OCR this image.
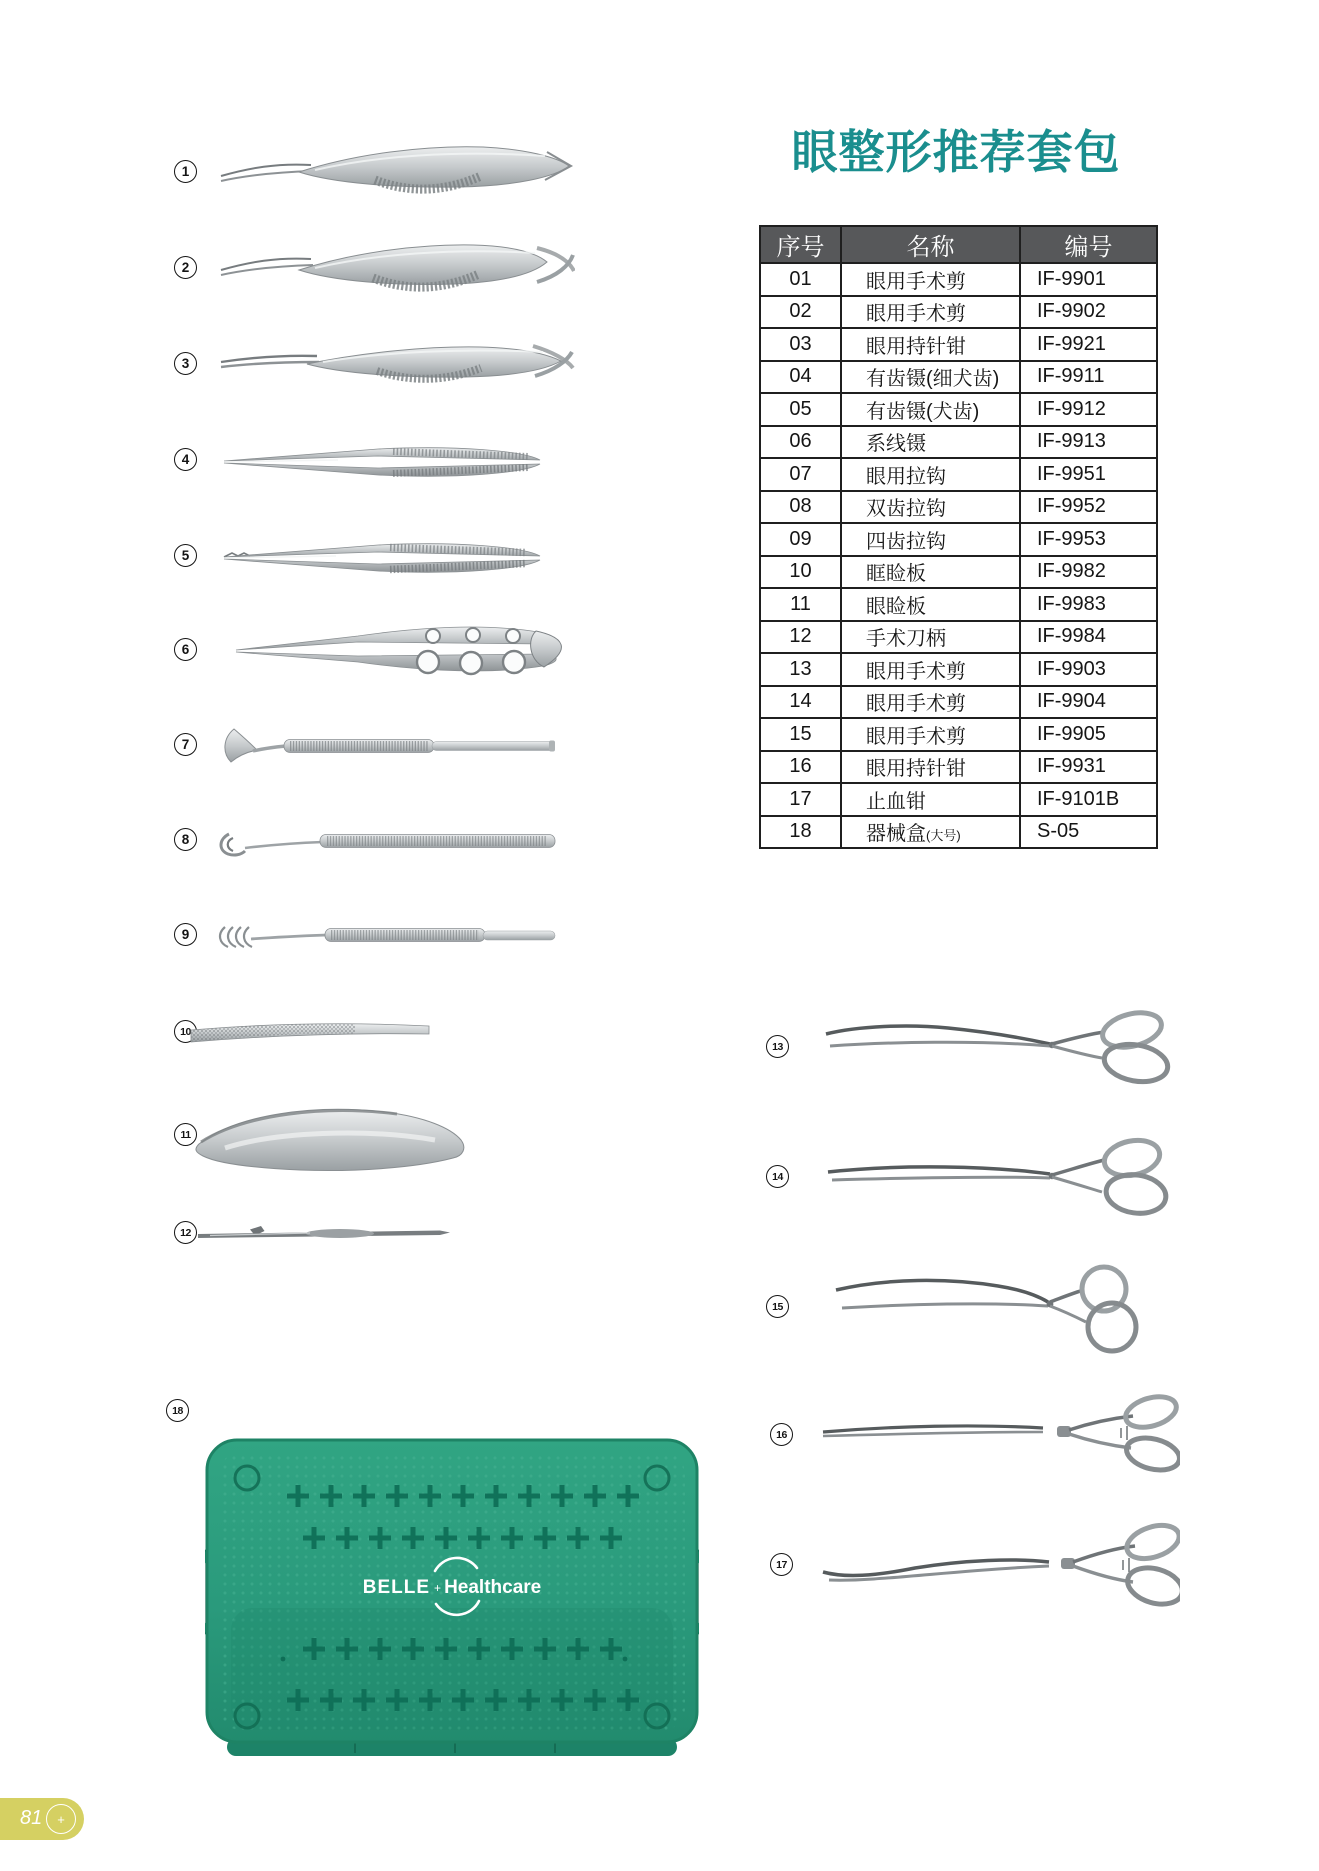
眼整形推荐套包
序号	名称	编号
01	眼用手术剪	IF-9901
02	眼用手术剪	IF-9902
03	眼用持针钳	IF-9921
04	有齿镊(细犬齿)	IF-9911
05	有齿镊(犬齿)	IF-9912
06	系线镊	IF-9913
07	眼用拉钩	IF-9951
08	双齿拉钩	IF-9952
09	四齿拉钩	IF-9953
10	眶睑板	IF-9982
11	眼睑板	IF-9983
12	手术刀柄	IF-9984
13	眼用手术剪	IF-9903
14	眼用手术剪	IF-9904
15	眼用手术剪	IF-9905
16	眼用持针钳	IF-9931
17	止血钳	IF-9101B
18	器械盒(大号)	S-05
1
2
3
4
5
6
7
8
9
10
11
12
18
13
14
15
16
17
BELLE + Healthcare
81 +
